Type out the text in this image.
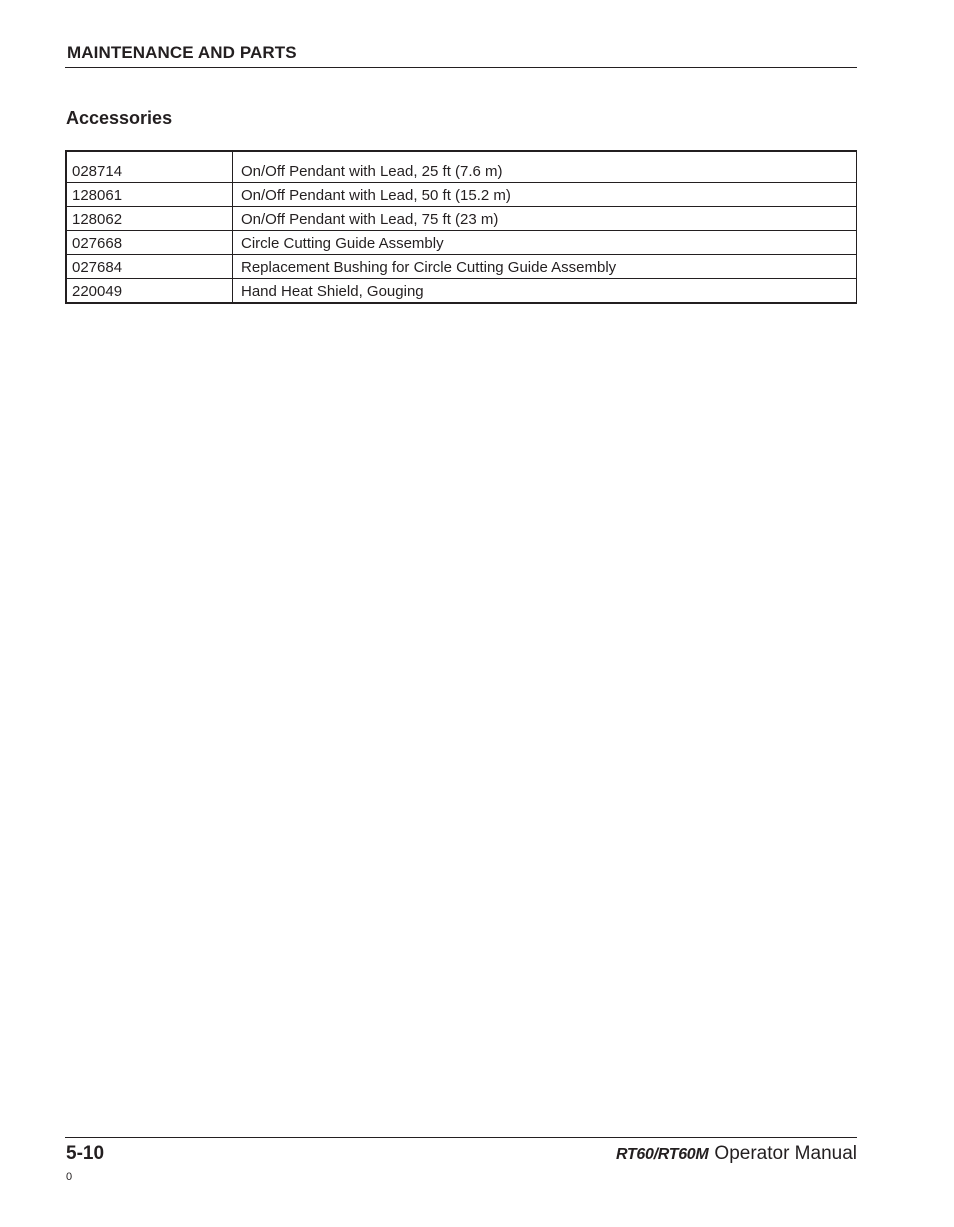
MAINTENANCE AND PARTS
Accessories
028714	On/Off Pendant with Lead, 25 ft (7.6 m)
128061	On/Off Pendant with Lead, 50 ft (15.2 m)
128062	On/Off Pendant with Lead, 75 ft (23 m)
027668	Circle Cutting Guide Assembly
027684	Replacement Bushing for Circle Cutting Guide Assembly
220049	Hand Heat Shield, Gouging
5-10
0
RT60/RT60M Operator Manual
